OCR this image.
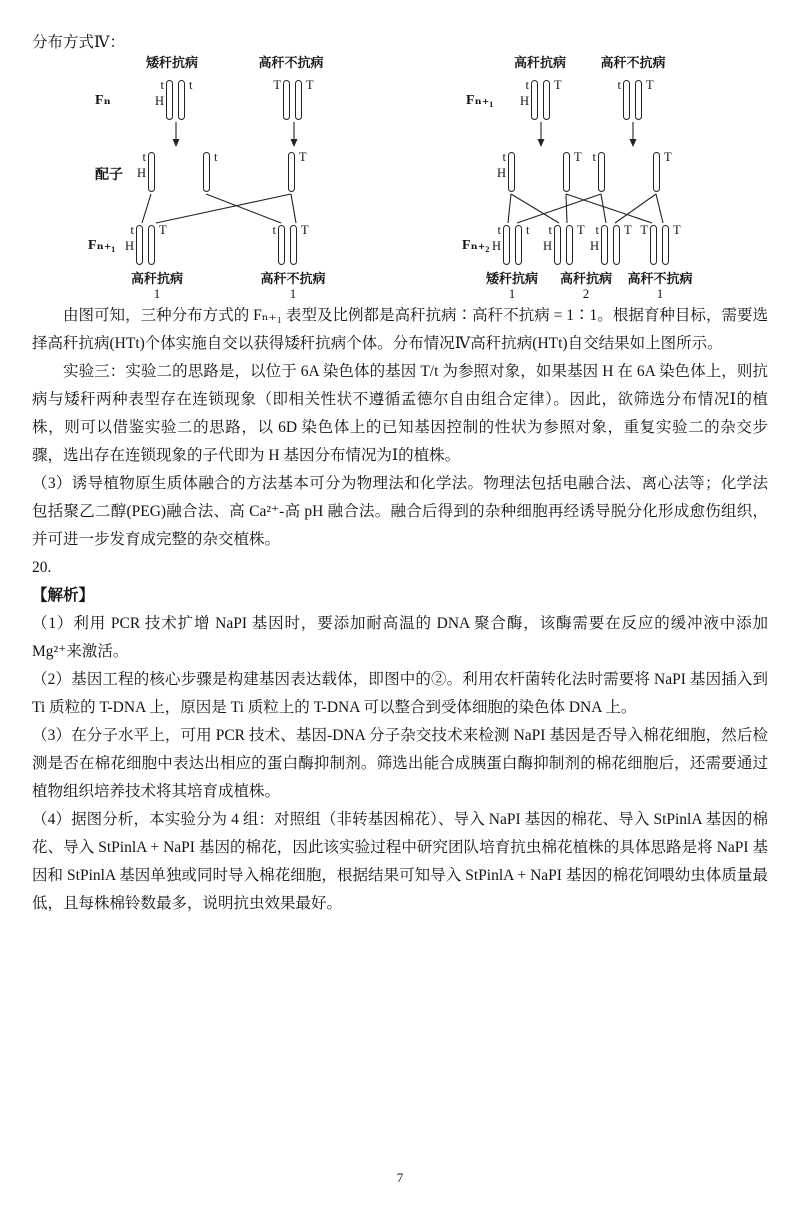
分布方式Ⅳ：
矮秆抗病	高秆不抗病
Fₙ
配子
Fₙ₊₁
t
H
t	T T
t
H
t	T
t
H
T	t T
高秆抗病
1
高秆不抗病
1
高秆抗病	高秆不抗病
Fₙ₊₁
Fₙ₊₂
t
H
T	t T
t
H
T t	T
t
H
t	t
H
T t
H
T T T
矮秆抗病
1
高秆抗病
2
高秆不抗病
1

由图可知，三种分布方式的 Fₙ₊₁ 表型及比例都是高秆抗病∶高秆不抗病 = 1∶1。根据育种目标，需要选择高秆抗病(HTt)个体实施自交以获得矮秆抗病个体。分布情况Ⅳ高秆抗病(HTt)自交结果如上图所示。

实验三：实验二的思路是，以位于 6A 染色体的基因 T/t 为参照对象，如果基因 H 在 6A 染色体上，则抗病与矮秆两种表型存在连锁现象（即相关性状不遵循孟德尔自由组合定律）。因此，欲筛选分布情况Ⅰ的植株，则可以借鉴实验二的思路，以 6D 染色体上的已知基因控制的性状为参照对象，重复实验二的杂交步骤，选出存在连锁现象的子代即为 H 基因分布情况为Ⅰ的植株。

（3）诱导植物原生质体融合的方法基本可分为物理法和化学法。物理法包括电融合法、离心法等；化学法包括聚乙二醇(PEG)融合法、高 Ca²⁺-高 pH 融合法。融合后得到的杂种细胞再经诱导脱分化形成愈伤组织，并可进一步发育成完整的杂交植株。

20.

【解析】

（1）利用 PCR 技术扩增 NaPI 基因时，要添加耐高温的 DNA 聚合酶，该酶需要在反应的缓冲液中添加 Mg²⁺来激活。

（2）基因工程的核心步骤是构建基因表达载体，即图中的②。利用农杆菌转化法时需要将 NaPI 基因插入到 Ti 质粒的 T-DNA 上，原因是 Ti 质粒上的 T-DNA 可以整合到受体细胞的染色体 DNA 上。

（3）在分子水平上，可用 PCR 技术、基因-DNA 分子杂交技术来检测 NaPI 基因是否导入棉花细胞，然后检测是否在棉花细胞中表达出相应的蛋白酶抑制剂。筛选出能合成胰蛋白酶抑制剂的棉花细胞后，还需要通过植物组织培养技术将其培育成植株。

（4）据图分析，本实验分为 4 组：对照组（非转基因棉花）、导入 NaPI 基因的棉花、导入 StPinlA 基因的棉花、导入 StPinlA + NaPI 基因的棉花，因此该实验过程中研究团队培育抗虫棉花植株的具体思路是将 NaPI 基因和 StPinlA 基因单独或同时导入棉花细胞，根据结果可知导入 StPinlA + NaPI 基因的棉花饲喂幼虫体质量最低，且每株棉铃数最多，说明抗虫效果最好。

7
